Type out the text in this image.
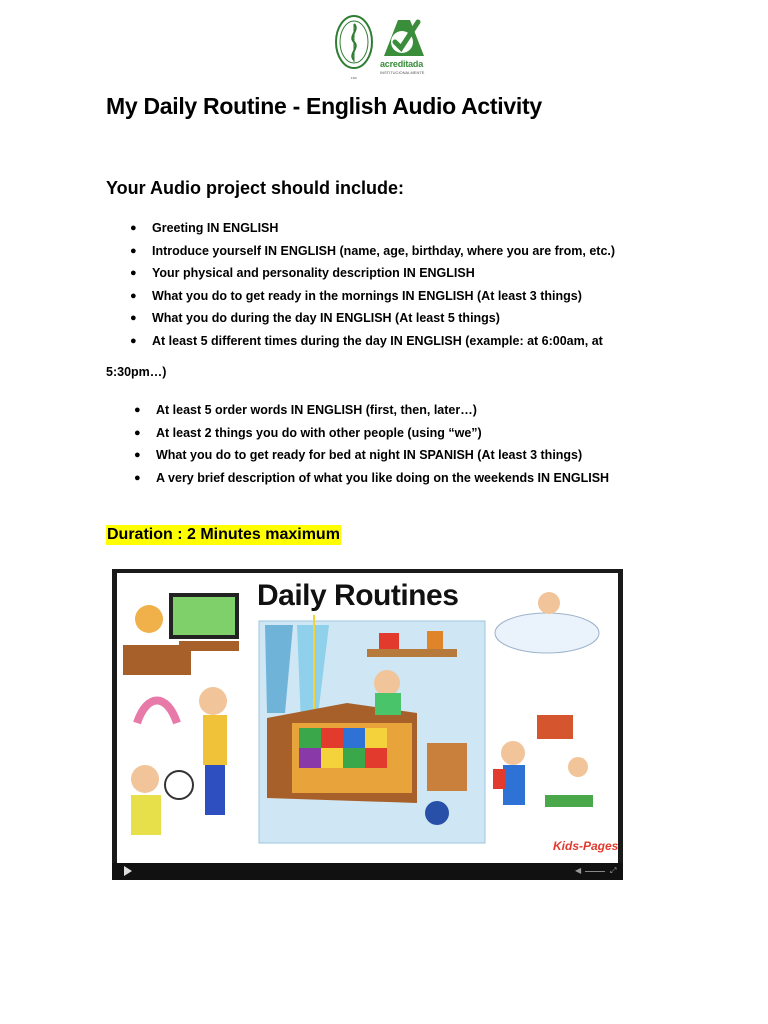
FRC
acreditada
INSTITUCIONALMENTE
My Daily Routine - English Audio Activity
Your Audio project should include:
● Greeting IN ENGLISH
● Introduce yourself IN ENGLISH (name, age, birthday, where you are from, etc.)
● Your physical and personality description IN ENGLISH
● What you do to get ready in the mornings IN ENGLISH (At least 3 things)
● What you do during the day IN ENGLISH (At least 5 things)
● At least 5 different times during the day IN ENGLISH (example: at 6:00am, at
5:30pm…)
● At least 5 order words IN ENGLISH (first, then, later…)
● At least 2 things you do with other people (using “we”)
● What you do to get ready for bed at night IN SPANISH (At least 3 things)
● A very brief description of what you like doing on the weekends IN ENGLISH
Duration : 2 Minutes maximum
Daily Routines
Kids-Pages
◀	⤢
